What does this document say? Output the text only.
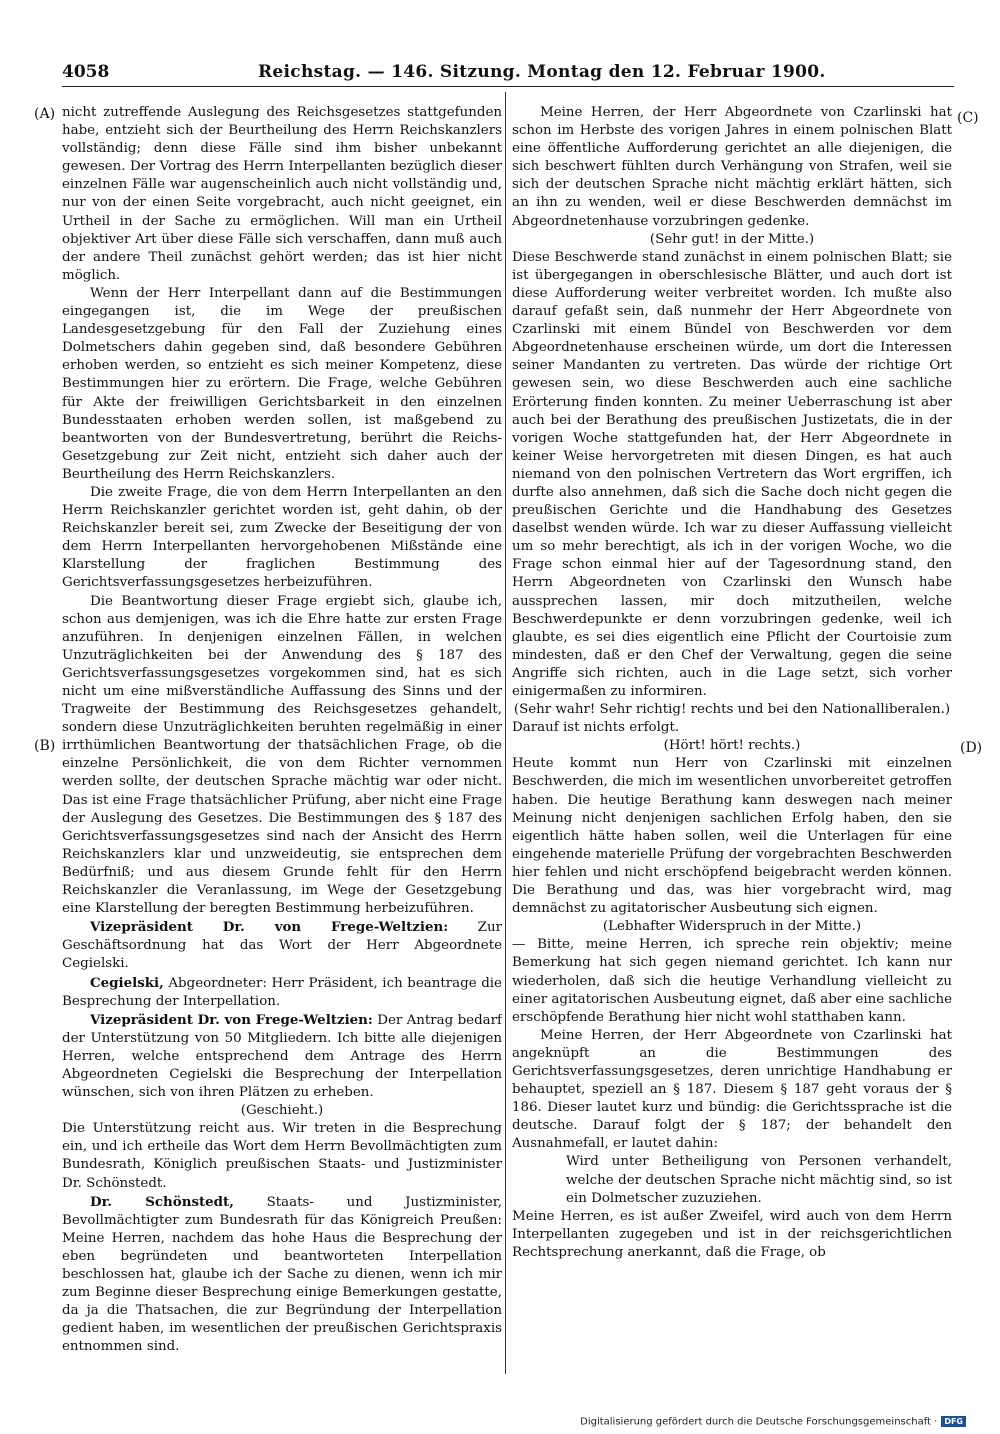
4058	Reichstag. — 146. Sitzung. Montag den 12. Februar 1900.
(A)
(B)
(C)
(D)

nicht zutreffende Auslegung des Reichsgesetzes stattgefunden habe, entzieht sich der Beurtheilung des Herrn Reichskanzlers vollständig; denn diese Fälle sind ihm bisher unbekannt gewesen. Der Vortrag des Herrn Interpellanten bezüglich dieser einzelnen Fälle war augenscheinlich auch nicht vollständig und, nur von der einen Seite vorgebracht, auch nicht geeignet, ein Urtheil in der Sache zu ermöglichen. Will man ein Urtheil objektiver Art über diese Fälle sich verschaffen, dann muß auch der andere Theil zunächst gehört werden; das ist hier nicht möglich.

Wenn der Herr Interpellant dann auf die Bestimmungen eingegangen ist, die im Wege der preußischen Landesgesetzgebung für den Fall der Zuziehung eines Dolmetschers dahin gegeben sind, daß besondere Gebühren erhoben werden, so entzieht es sich meiner Kompetenz, diese Bestimmungen hier zu erörtern. Die Frage, welche Gebühren für Akte der freiwilligen Gerichtsbarkeit in den einzelnen Bundesstaaten erhoben werden sollen, ist maßgebend zu beantworten von der Bundesvertretung, berührt die Reichs-Gesetzgebung zur Zeit nicht, entzieht sich daher auch der Beurtheilung des Herrn Reichskanzlers.

Die zweite Frage, die von dem Herrn Interpellanten an den Herrn Reichskanzler gerichtet worden ist, geht dahin, ob der Reichskanzler bereit sei, zum Zwecke der Beseitigung der von dem Herrn Interpellanten hervorgehobenen Mißstände eine Klarstellung der fraglichen Bestimmung des Gerichtsverfassungsgesetzes herbeizuführen.

Die Beantwortung dieser Frage ergiebt sich, glaube ich, schon aus demjenigen, was ich die Ehre hatte zur ersten Frage anzuführen. In denjenigen einzelnen Fällen, in welchen Unzuträglichkeiten bei der Anwendung des § 187 des Gerichtsverfassungsgesetzes vorgekommen sind, hat es sich nicht um eine mißverständliche Auffassung des Sinns und der Tragweite der Bestimmung des Reichsgesetzes gehandelt, sondern diese Unzuträglichkeiten beruhten regelmäßig in einer irrthümlichen Beantwortung der thatsächlichen Frage, ob die einzelne Persönlichkeit, die von dem Richter vernommen werden sollte, der deutschen Sprache mächtig war oder nicht. Das ist eine Frage thatsächlicher Prüfung, aber nicht eine Frage der Auslegung des Gesetzes. Die Bestimmungen des § 187 des Gerichtsverfassungsgesetzes sind nach der Ansicht des Herrn Reichskanzlers klar und unzweideutig, sie entsprechen dem Bedürfniß; und aus diesem Grunde fehlt für den Herrn Reichskanzler die Veranlassung, im Wege der Gesetzgebung eine Klarstellung der beregten Bestimmung herbeizuführen.

Vizepräsident Dr. von Frege-Weltzien: Zur Geschäftsordnung hat das Wort der Herr Abgeordnete Cegielski.

Cegielski, Abgeordneter: Herr Präsident, ich beantrage die Besprechung der Interpellation.

Vizepräsident Dr. von Frege-Weltzien: Der Antrag bedarf der Unterstützung von 50 Mitgliedern. Ich bitte alle diejenigen Herren, welche entsprechend dem Antrage des Herrn Abgeordneten Cegielski die Besprechung der Interpellation wünschen, sich von ihren Plätzen zu erheben.

(Geschieht.)

Die Unterstützung reicht aus. Wir treten in die Besprechung ein, und ich ertheile das Wort dem Herrn Bevollmächtigten zum Bundesrath, Königlich preußischen Staats- und Justizminister Dr. Schönstedt.

Dr. Schönstedt, Staats- und Justizminister, Bevollmächtigter zum Bundesrath für das Königreich Preußen: Meine Herren, nachdem das hohe Haus die Besprechung der eben begründeten und beantworteten Interpellation beschlossen hat, glaube ich der Sache zu dienen, wenn ich mir zum Beginne dieser Besprechung einige Bemerkungen gestatte, da ja die Thatsachen, die zur Begründung der Interpellation gedient haben, im wesentlichen der preußischen Gerichtspraxis entnommen sind.

Meine Herren, der Herr Abgeordnete von Czarlinski hat schon im Herbste des vorigen Jahres in einem polnischen Blatt eine öffentliche Aufforderung gerichtet an alle diejenigen, die sich beschwert fühlten durch Verhängung von Strafen, weil sie sich der deutschen Sprache nicht mächtig erklärt hätten, sich an ihn zu wenden, weil er diese Beschwerden demnächst im Abgeordnetenhause vorzubringen gedenke.

(Sehr gut! in der Mitte.)

Diese Beschwerde stand zunächst in einem polnischen Blatt; sie ist übergegangen in oberschlesische Blätter, und auch dort ist diese Aufforderung weiter verbreitet worden. Ich mußte also darauf gefaßt sein, daß nunmehr der Herr Abgeordnete von Czarlinski mit einem Bündel von Beschwerden vor dem Abgeordnetenhause erscheinen würde, um dort die Interessen seiner Mandanten zu vertreten. Das würde der richtige Ort gewesen sein, wo diese Beschwerden auch eine sachliche Erörterung finden konnten. Zu meiner Ueberraschung ist aber auch bei der Berathung des preußischen Justizetats, die in der vorigen Woche stattgefunden hat, der Herr Abgeordnete in keiner Weise hervorgetreten mit diesen Dingen, es hat auch niemand von den polnischen Vertretern das Wort ergriffen, ich durfte also annehmen, daß sich die Sache doch nicht gegen die preußischen Gerichte und die Handhabung des Gesetzes daselbst wenden würde. Ich war zu dieser Auffassung vielleicht um so mehr berechtigt, als ich in der vorigen Woche, wo die Frage schon einmal hier auf der Tagesordnung stand, den Herrn Abgeordneten von Czarlinski den Wunsch habe aussprechen lassen, mir doch mitzutheilen, welche Beschwerdepunkte er denn vorzubringen gedenke, weil ich glaubte, es sei dies eigentlich eine Pflicht der Courtoisie zum mindesten, daß er den Chef der Verwaltung, gegen die seine Angriffe sich richten, auch in die Lage setzt, sich vorher einigermaßen zu informiren.

(Sehr wahr! Sehr richtig! rechts und bei den Nationalliberalen.)

Darauf ist nichts erfolgt.

(Hört! hört! rechts.)

Heute kommt nun Herr von Czarlinski mit einzelnen Beschwerden, die mich im wesentlichen unvorbereitet getroffen haben. Die heutige Berathung kann deswegen nach meiner Meinung nicht denjenigen sachlichen Erfolg haben, den sie eigentlich hätte haben sollen, weil die Unterlagen für eine eingehende materielle Prüfung der vorgebrachten Beschwerden hier fehlen und nicht erschöpfend beigebracht werden können. Die Berathung und das, was hier vorgebracht wird, mag demnächst zu agitatorischer Ausbeutung sich eignen.

(Lebhafter Widerspruch in der Mitte.)

— Bitte, meine Herren, ich spreche rein objektiv; meine Bemerkung hat sich gegen niemand gerichtet. Ich kann nur wiederholen, daß sich die heutige Verhandlung vielleicht zu einer agitatorischen Ausbeutung eignet, daß aber eine sachliche erschöpfende Berathung hier nicht wohl statthaben kann.

Meine Herren, der Herr Abgeordnete von Czarlinski hat angeknüpft an die Bestimmungen des Gerichtsverfassungsgesetzes, deren unrichtige Handhabung er behauptet, speziell an § 187. Diesem § 187 geht voraus der § 186. Dieser lautet kurz und bündig: die Gerichtssprache ist die deutsche. Darauf folgt der § 187; der behandelt den Ausnahmefall, er lautet dahin:

Wird unter Betheiligung von Personen verhandelt, welche der deutschen Sprache nicht mächtig sind, so ist ein Dolmetscher zuzuziehen.

Meine Herren, es ist außer Zweifel, wird auch von dem Herrn Interpellanten zugegeben und ist in der reichsgerichtlichen Rechtsprechung anerkannt, daß die Frage, ob

Digitalisierung gefördert durch die Deutsche Forschungsgemeinschaft · DFG
